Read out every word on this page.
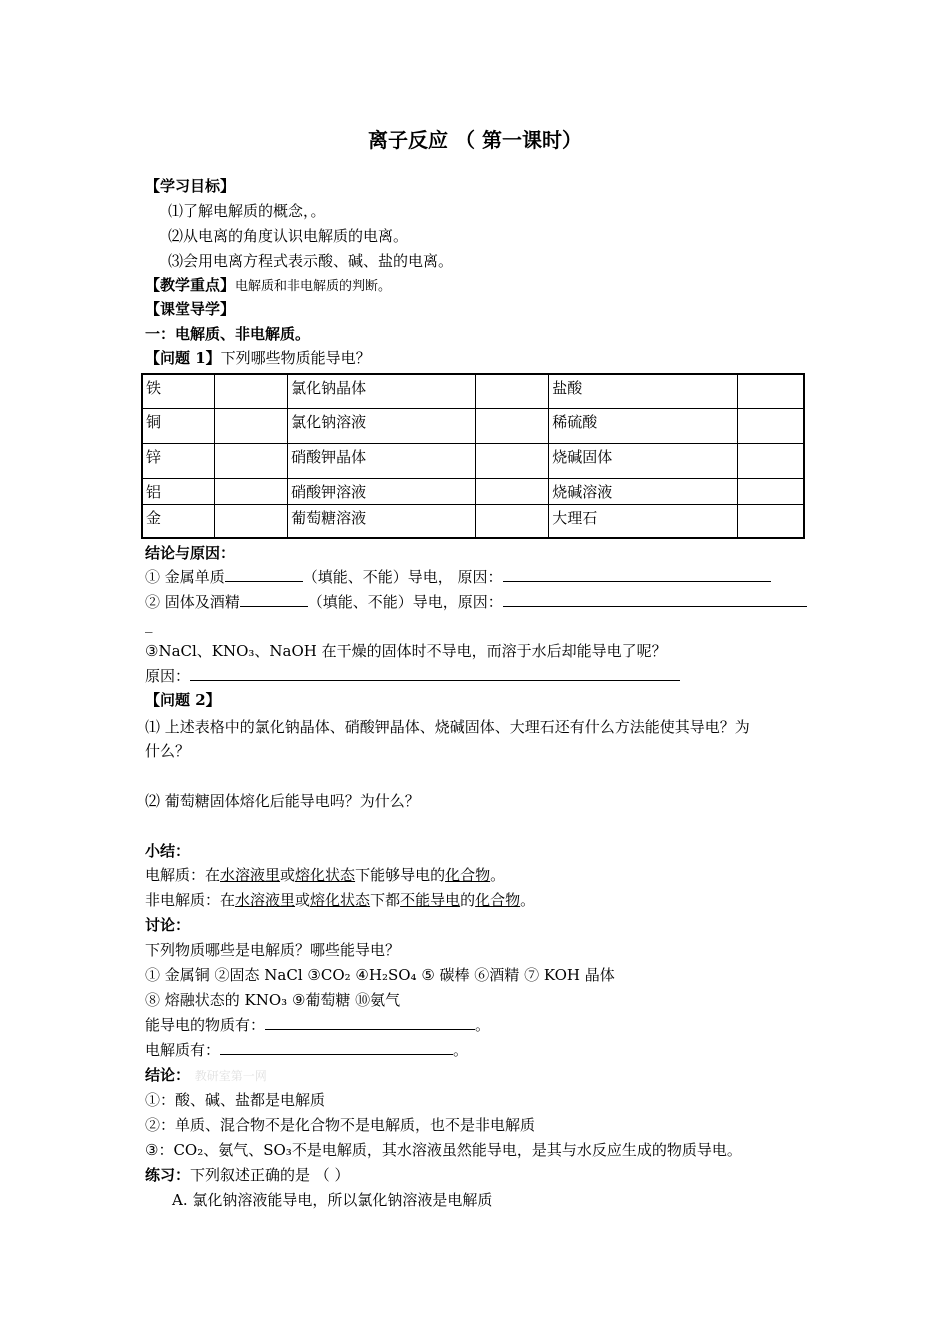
离子反应 （ 第一课时）
【学习目标】
⑴了解电解质的概念，。
⑵从电离的角度认识电解质的电离。
⑶会用电离方程式表示酸、碱、盐的电离。
【教学重点】电解质和非电解质的判断。
【课堂导学】
一：电解质、非电解质。
【问题 1】下列哪些物质能导电？
铁		氯化钠晶体		盐酸	
铜		氯化钠溶液		稀硫酸	
锌		硝酸钾晶体		烧碱固体	
铝		硝酸钾溶液		烧碱溶液	
金		葡萄糖溶液		大理石	
结论与原因：
① 金属单质	（填能、不能）导电， 原因：
② 固体及酒精	（填能、不能）导电，原因：
_
③NaCl、KNO₃、NaOH 在干燥的固体时不导电，而溶于水后却能导电了呢？
原因：
【问题 2】
⑴ 上述表格中的氯化钠晶体、硝酸钾晶体、烧碱固体、大理石还有什么方法能使其导电？为
什么？
⑵ 葡萄糖固体熔化后能导电吗？为什么？
小结：
电解质：在水溶液里或熔化状态下能够导电的化合物。
非电解质：在水溶液里或熔化状态下都不能导电的化合物。
讨论：
下列物质哪些是电解质？哪些能导电？
① 金属铜 ②固态 NaCl ③CO₂ ④H₂SO₄ ⑤ 碳棒 ⑥酒精 ⑦ KOH 晶体
⑧ 熔融状态的 KNO₃ ⑨葡萄糖 ⑩氨气
能导电的物质有：	。
电解质有：	。
结论： 教研室第一网
①：酸、碱、盐都是电解质
②：单质、混合物不是化合物不是电解质，也不是非电解质
③：CO₂、氨气、SO₃不是电解质，其水溶液虽然能导电，是其与水反应生成的物质导电。
练习：下列叙述正确的是 （ ）
A. 氯化钠溶液能导电，所以氯化钠溶液是电解质
